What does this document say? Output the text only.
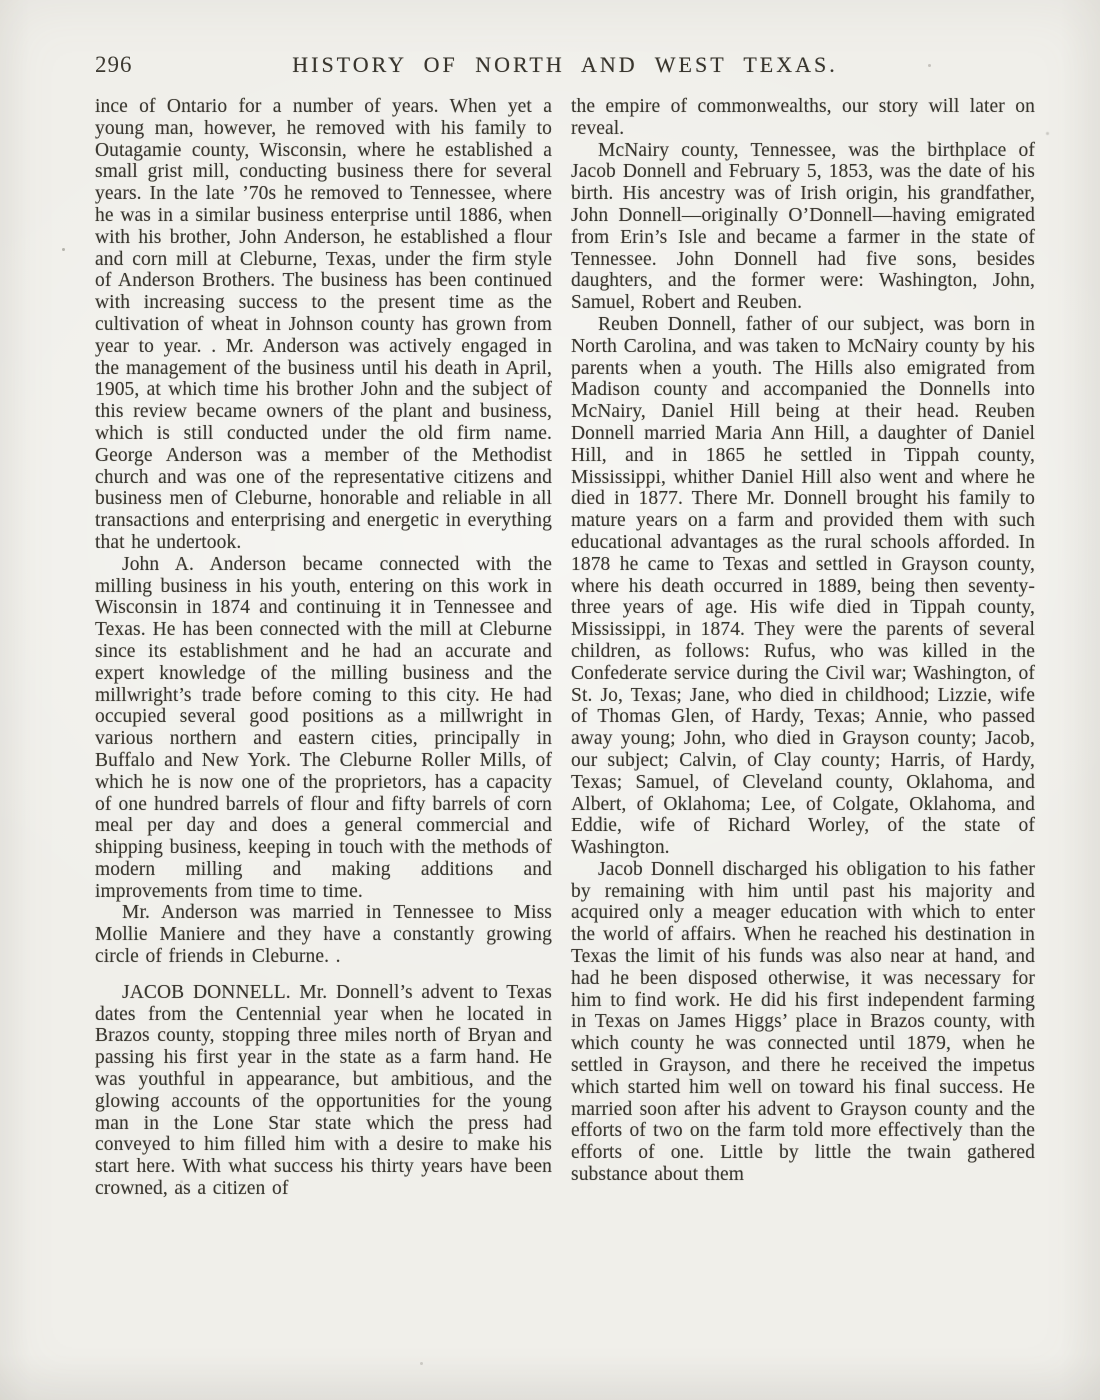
296	HISTORY OF NORTH AND WEST TEXAS.

ince of Ontario for a number of years. When yet a young man, however, he removed with his family to Outagamie county, Wisconsin, where he established a small grist mill, conducting business there for several years. In the late ’70s he removed to Tennessee, where he was in a similar business enterprise until 1886, when with his brother, John Anderson, he established a flour and corn mill at Cleburne, Texas, under the firm style of Anderson Brothers. The business has been continued with increasing success to the present time as the cultivation of wheat in Johnson county has grown from year to year. . Mr. Anderson was actively engaged in the management of the business until his death in April, 1905, at which time his brother John and the subject of this review became owners of the plant and business, which is still conducted under the old firm name. George Anderson was a member of the Methodist church and was one of the representative citizens and business men of Cleburne, honorable and reliable in all transactions and enterprising and energetic in everything that he undertook.

John A. Anderson became connected with the milling business in his youth, entering on this work in Wisconsin in 1874 and continuing it in Tennessee and Texas. He has been connected with the mill at Cleburne since its establishment and he had an accurate and expert knowledge of the milling business and the millwright’s trade before coming to this city. He had occupied several good positions as a millwright in various northern and eastern cities, principally in Buffalo and New York. The Cleburne Roller Mills, of which he is now one of the proprietors, has a capacity of one hundred barrels of flour and fifty barrels of corn meal per day and does a general commercial and shipping business, keeping in touch with the methods of modern milling and making additions and improvements from time to time.

Mr. Anderson was married in Tennessee to Miss Mollie Maniere and they have a constantly growing circle of friends in Cleburne. .

JACOB DONNELL. Mr. Donnell’s advent to Texas dates from the Centennial year when he located in Brazos county, stopping three miles north of Bryan and passing his first year in the state as a farm hand. He was youthful in appearance, but ambitious, and the glowing accounts of the opportunities for the young man in the Lone Star state which the press had conveyed to him filled him with a desire to make his start here. With what success his thirty years have been crowned, as a citizen of

the empire of commonwealths, our story will later on reveal.

McNairy county, Tennessee, was the birthplace of Jacob Donnell and February 5, 1853, was the date of his birth. His ancestry was of Irish origin, his grandfather, John Donnell—originally O’Donnell—having emigrated from Erin’s Isle and became a farmer in the state of Tennessee. John Donnell had five sons, besides daughters, and the former were: Washington, John, Samuel, Robert and Reuben.

Reuben Donnell, father of our subject, was born in North Carolina, and was taken to McNairy county by his parents when a youth. The Hills also emigrated from Madison county and accompanied the Donnells into McNairy, Daniel Hill being at their head. Reuben Donnell married Maria Ann Hill, a daughter of Daniel Hill, and in 1865 he settled in Tippah county, Mississippi, whither Daniel Hill also went and where he died in 1877. There Mr. Donnell brought his family to mature years on a farm and provided them with such educational advantages as the rural schools afforded. In 1878 he came to Texas and settled in Grayson county, where his death occurred in 1889, being then seventy-three years of age. His wife died in Tippah county, Mississippi, in 1874. They were the parents of several children, as follows: Rufus, who was killed in the Confederate service during the Civil war; Washington, of St. Jo, Texas; Jane, who died in childhood; Lizzie, wife of Thomas Glen, of Hardy, Texas; Annie, who passed away young; John, who died in Grayson county; Jacob, our subject; Calvin, of Clay county; Harris, of Hardy, Texas; Samuel, of Cleveland county, Oklahoma, and Albert, of Oklahoma; Lee, of Colgate, Oklahoma, and Eddie, wife of Richard Worley, of the state of Washington.

Jacob Donnell discharged his obligation to his father by remaining with him until past his majority and acquired only a meager education with which to enter the world of affairs. When he reached his destination in Texas the limit of his funds was also near at hand, and had he been disposed otherwise, it was necessary for him to find work. He did his first independent farming in Texas on James Higgs’ place in Brazos county, with which county he was connected until 1879, when he settled in Grayson, and there he received the impetus which started him well on toward his final success. He married soon after his advent to Grayson county and the efforts of two on the farm told more effectively than the efforts of one. Little by little the twain gathered substance about them
